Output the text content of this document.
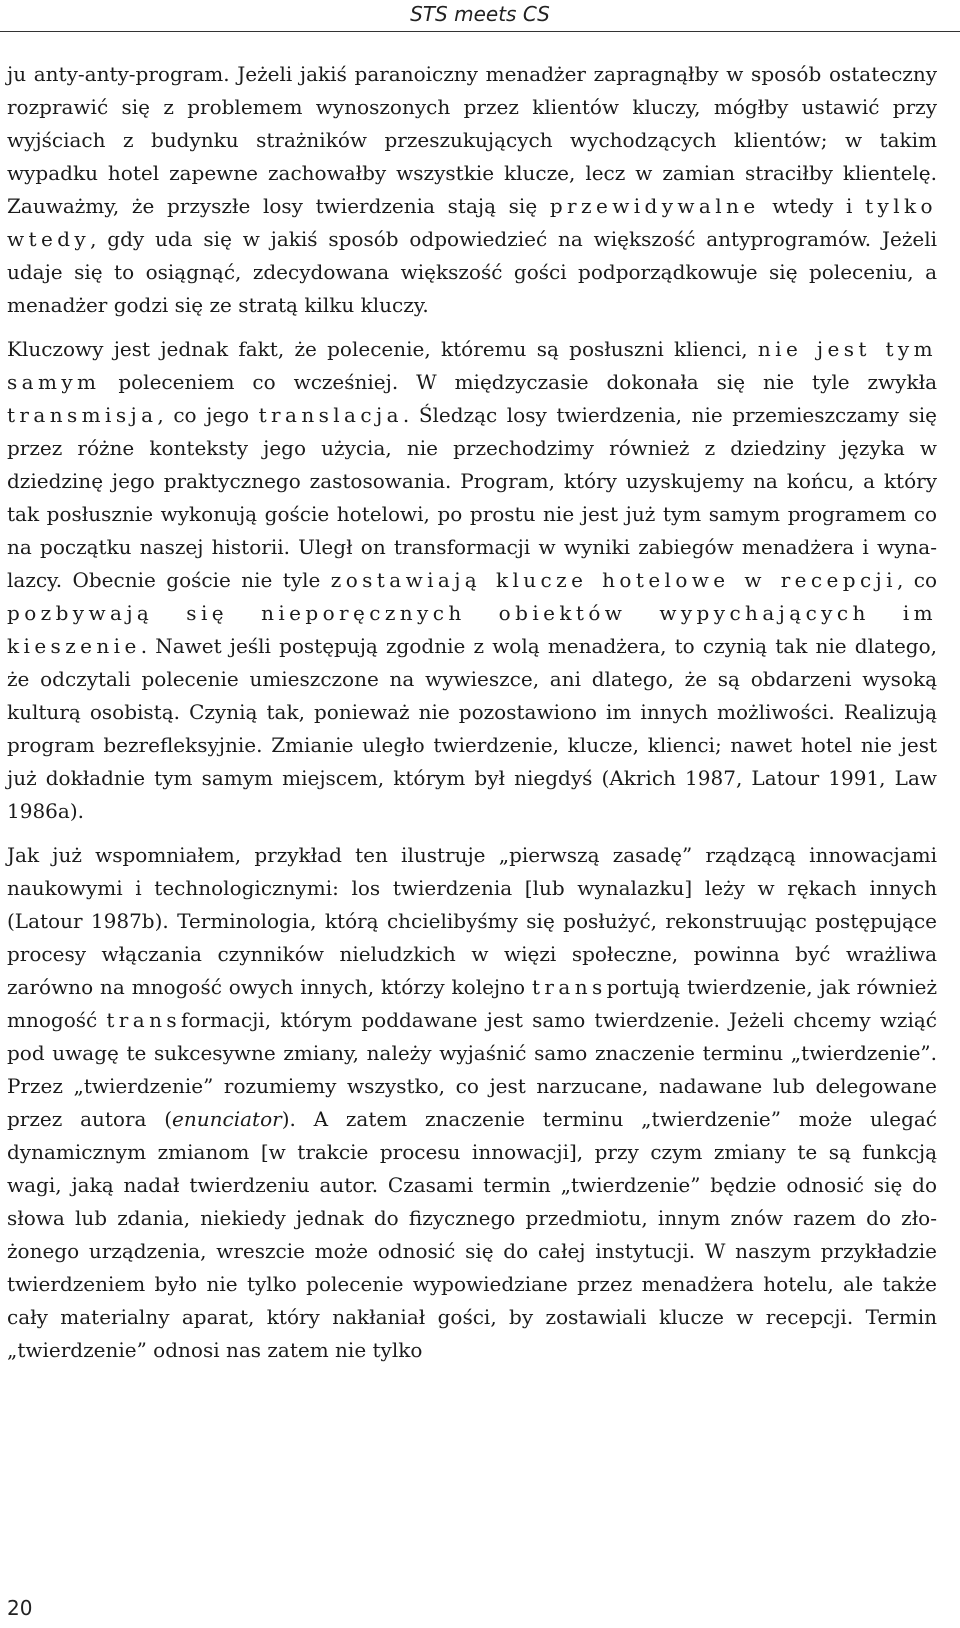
STS meets CS

ju anty-anty-program. Jeżeli jakiś paranoiczny menadżer zapragnąłby w sposób ostateczny rozprawić się z problemem wynoszonych przez klientów kluczy, mógłby ustawić przy wyjściach z budynku strażników przeszukujących wychodzących klientów; w takim wypadku hotel zapewne zachowałby wszystkie klucze, lecz w zamian straciłby klientelę. Zauważmy, że przyszłe losy twierdzenia stają się przewidywalne wtedy i tylko wtedy, gdy uda się w jakiś sposób odpowiedzieć na większość antyprogramów. Jeżeli udaje się to osiągnąć, zdecydowana większość gości podporządkowuje się poleceniu, a menadżer godzi się ze stratą kilku kluczy.

Kluczowy jest jednak fakt, że polecenie, któremu są posłuszni klienci, nie jest tym samym poleceniem co wcześniej. W międzyczasie dokonała się nie tyle zwykła transmisja, co jego translacja. Śledząc losy twierdzenia, nie przemieszczamy się przez różne konteksty jego użycia, nie przechodzimy również z dziedziny języka w dziedzinę jego praktycznego zastosowania. Program, który uzyskujemy na końcu, a który tak posłusznie wykonują goście hotelowi, po prostu nie jest już tym samym programem co na początku naszej historii. Uległ on transformacji w wyniki zabiegów menadżera i wynalazcy. Obecnie goście nie tyle zostawiają klucze hotelowe w recepcji, co pozbywają się nieporęcznych obiektów wypychających im kieszenie. Nawet jeśli postępują zgodnie z wolą menadżera, to czynią tak nie dlatego, że odczytali polecenie umieszczone na wywieszce, ani dlatego, że są obdarzeni wysoką kulturą osobistą. Czynią tak, ponieważ nie pozostawiono im innych możliwości. Realizują program bezrefleksyjnie. Zmianie uległo twierdzenie, klucze, klienci; nawet hotel nie jest już dokładnie tym samym miejscem, którym był niegdyś (Akrich 1987, Latour 1991, Law 1986a).

Jak już wspomniałem, przykład ten ilustruje „pierwszą zasadę” rządzącą innowacjami naukowymi i technologicznymi: los twierdzenia [lub wynalazku] leży w rękach innych (Latour 1987b). Terminologia, którą chcielibyśmy się posłużyć, rekonstruując postępujące procesy włączania czynników nieludzkich w więzi społeczne, powinna być wrażliwa zarówno na mnogość owych innych, którzy kolejno transportują twierdzenie, jak również mnogość transformacji, którym poddawane jest samo twierdzenie. Jeżeli chcemy wziąć pod uwagę te sukcesywne zmiany, należy wyjaśnić samo znaczenie terminu „twierdzenie”. Przez „twierdzenie” rozumiemy wszystko, co jest narzucane, nadawane lub delegowane przez autora (enunciator). A zatem znaczenie terminu „twierdzenie” może ulegać dynamicznym zmianom [w trakcie procesu innowacji], przy czym zmiany te są funkcją wagi, jaką nadał twierdzeniu autor. Czasami termin „twierdzenie” będzie odnosić się do słowa lub zdania, niekiedy jednak do fizycznego przedmiotu, innym znów razem do złożonego urządzenia, wreszcie może odnosić się do całej instytucji. W naszym przykładzie twierdzeniem było nie tylko polecenie wypowiedziane przez menadżera hotelu, ale także cały materialny aparat, który nakłaniał gości, by zostawiali klucze w recepcji. Termin „twierdzenie” odnosi nas zatem nie tylko

20
